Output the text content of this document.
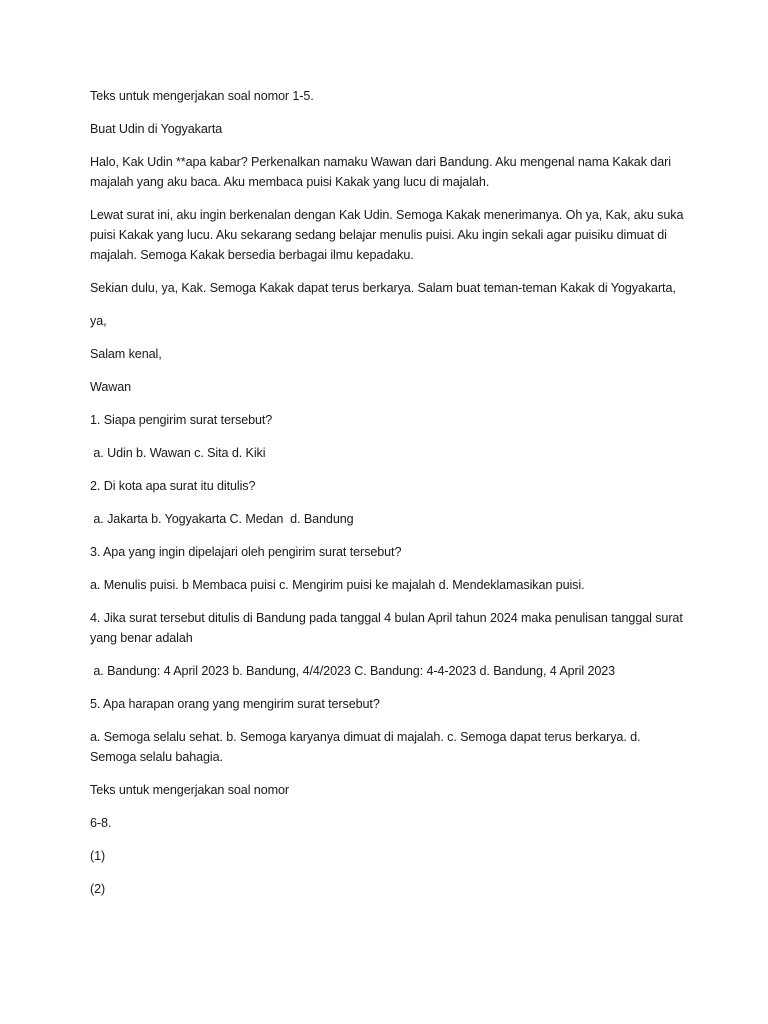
Teks untuk mengerjakan soal nomor 1-5.

Buat Udin di Yogyakarta

Halo, Kak Udin **apa kabar? Perkenalkan namaku Wawan dari Bandung. Aku mengenal nama Kakak dari majalah yang aku baca. Aku membaca puisi Kakak yang lucu di majalah.

Lewat surat ini, aku ingin berkenalan dengan Kak Udin. Semoga Kakak menerimanya. Oh ya, Kak, aku suka puisi Kakak yang lucu. Aku sekarang sedang belajar menulis puisi. Aku ingin sekali agar puisiku dimuat di majalah. Semoga Kakak bersedia berbagai ilmu kepadaku.

Sekian dulu, ya, Kak. Semoga Kakak dapat terus berkarya. Salam buat teman-teman Kakak di Yogyakarta,

ya,

Salam kenal,

Wawan

1. Siapa pengirim surat tersebut?

a. Udin b. Wawan c. Sita d. Kiki

2. Di kota apa surat itu ditulis?

a. Jakarta b. Yogyakarta C. Medan  d. Bandung

3. Apa yang ingin dipelajari oleh pengirim surat tersebut?

a. Menulis puisi. b Membaca puisi c. Mengirim puisi ke majalah d. Mendeklamasikan puisi.

4. Jika surat tersebut ditulis di Bandung pada tanggal 4 bulan April tahun 2024 maka penulisan tanggal surat yang benar adalah

a. Bandung: 4 April 2023 b. Bandung, 4/4/2023 C. Bandung: 4-4-2023 d. Bandung, 4 April 2023

5. Apa harapan orang yang mengirim surat tersebut?

a. Semoga selalu sehat. b. Semoga karyanya dimuat di majalah. c. Semoga dapat terus berkarya. d. Semoga selalu bahagia.

Teks untuk mengerjakan soal nomor

6-8.

(1)

(2)
